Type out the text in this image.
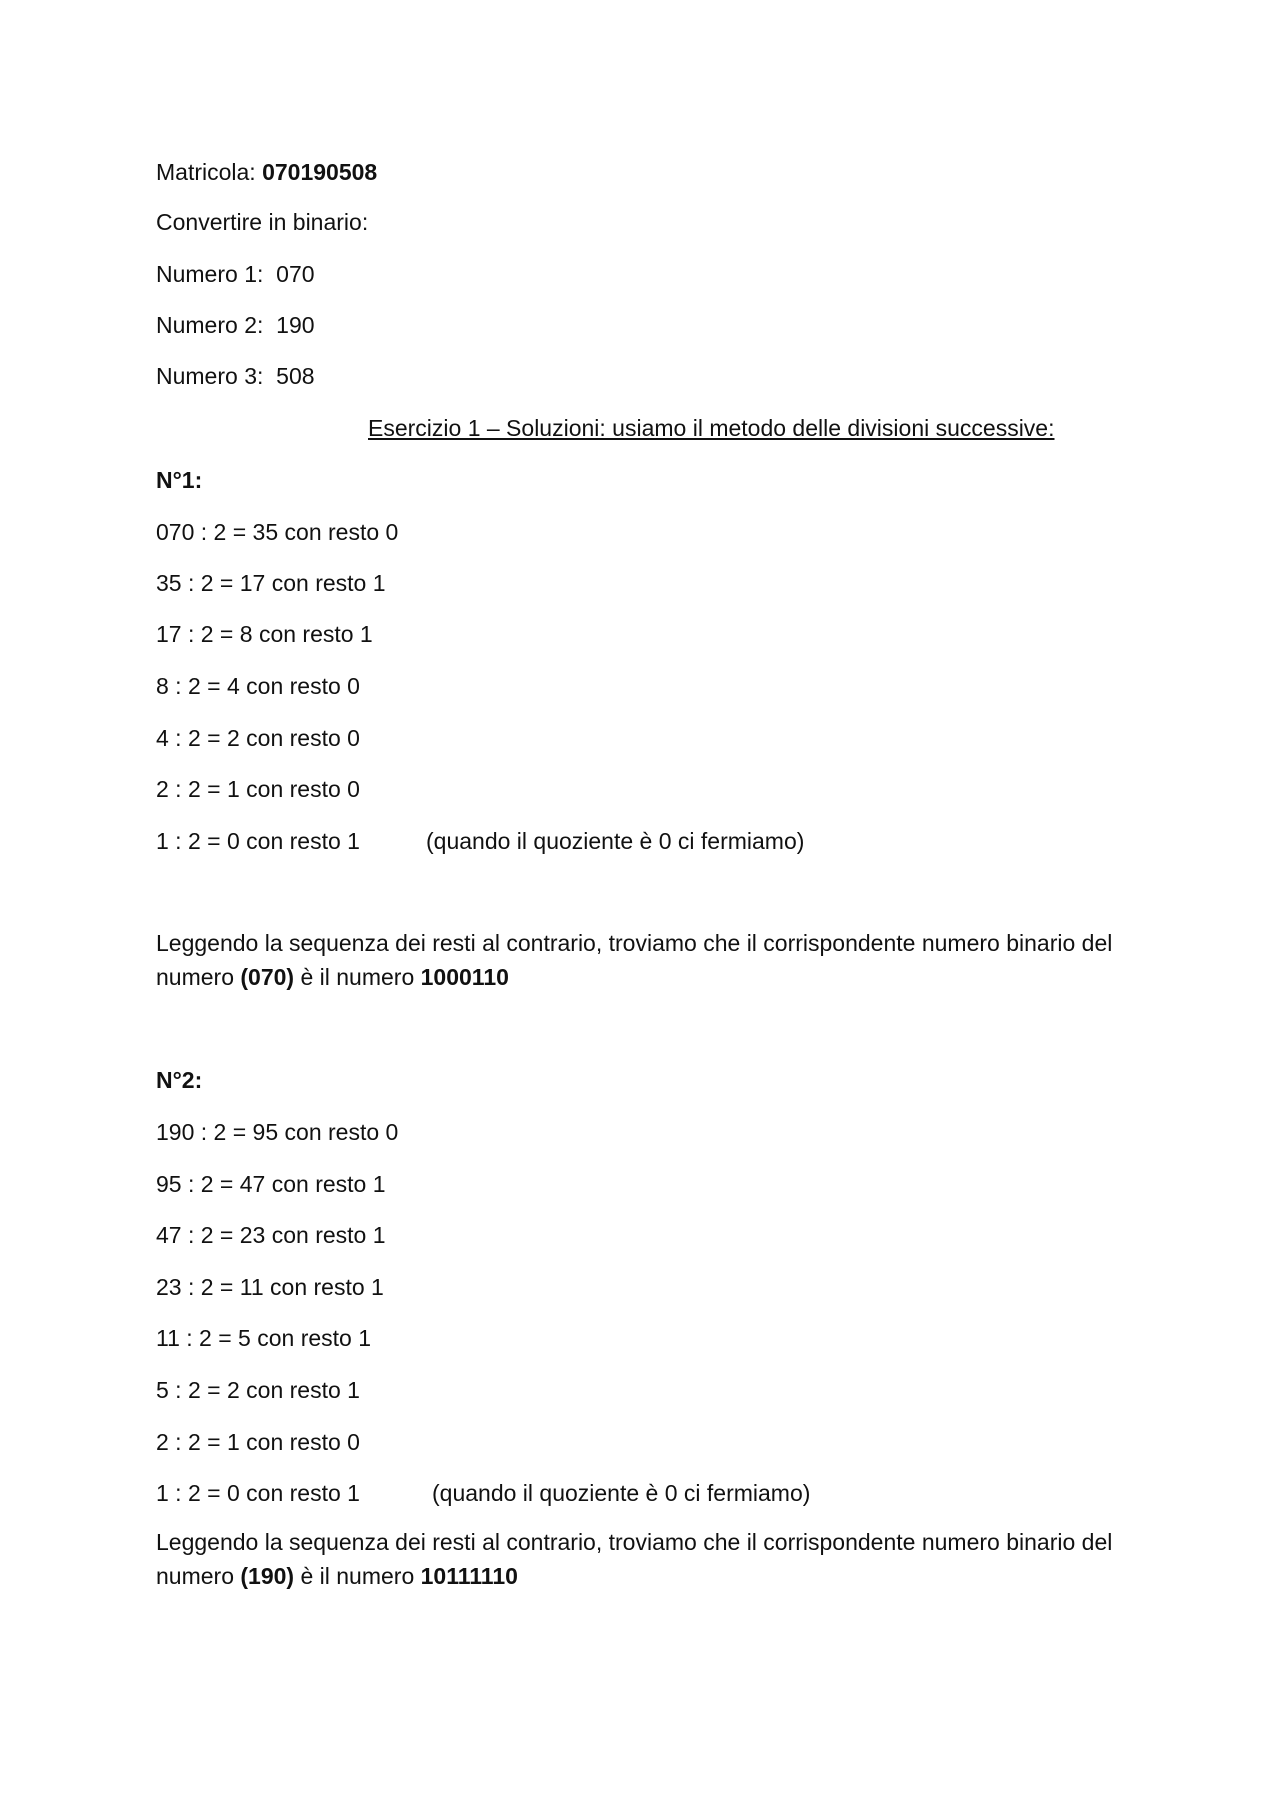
Matricola: 070190508
Convertire in binario:
Numero 1: 070
Numero 2: 190
Numero 3: 508
Esercizio 1 – Soluzioni: usiamo il metodo delle divisioni successive:
N°1:
070 : 2 = 35 con resto 0
35 : 2 = 17 con resto 1
17 : 2 = 8 con resto 1
8 : 2 = 4 con resto 0
4 : 2 = 2 con resto 0
2 : 2 = 1 con resto 0
1 : 2 = 0 con resto 1	(quando il quoziente è 0 ci fermiamo)
Leggendo la sequenza dei resti al contrario, troviamo che il corrispondente numero binario del numero (070) è il numero 1000110
N°2:
190 : 2 = 95 con resto 0
95 : 2 = 47 con resto 1
47 : 2 = 23 con resto 1
23 : 2 = 11 con resto 1
11 : 2 = 5 con resto 1
5 : 2 = 2 con resto 1
2 : 2 = 1 con resto 0
1 : 2 = 0 con resto 1	(quando il quoziente è 0 ci fermiamo)
Leggendo la sequenza dei resti al contrario, troviamo che il corrispondente numero binario del numero (190) è il numero 10111110
